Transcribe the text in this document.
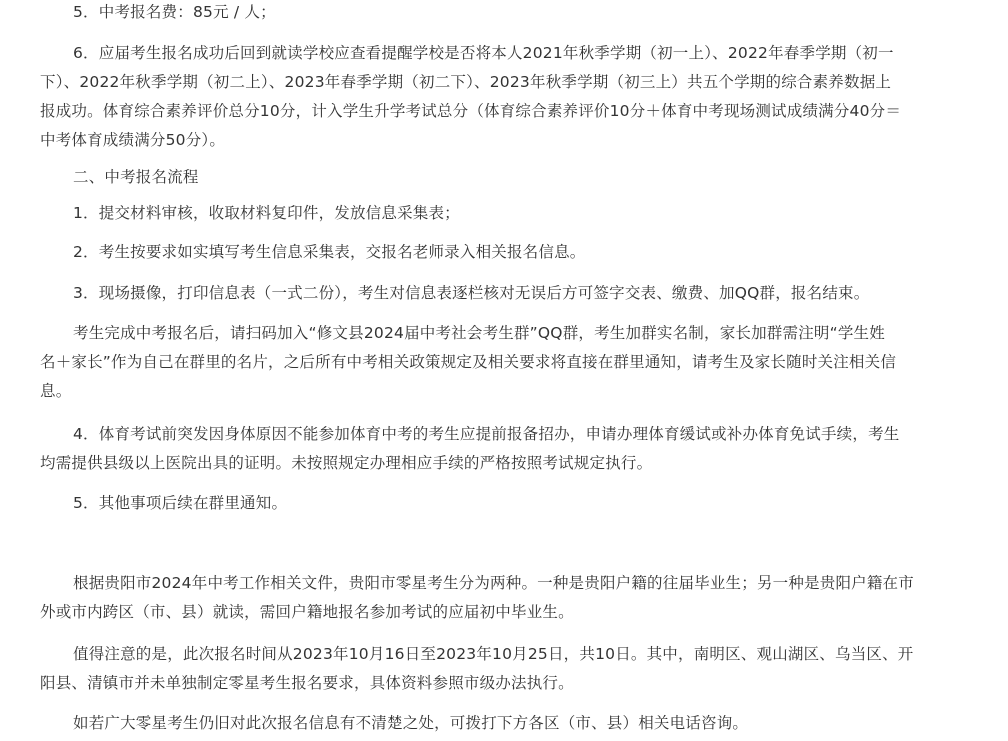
5．中考报名费：85元 / 人；
6．应届考生报名成功后回到就读学校应查看提醒学校是否将本人2021年秋季学期（初一上）、2022年春季学期（初一
下）、2022年秋季学期（初二上）、2023年春季学期（初二下）、2023年秋季学期（初三上）共五个学期的综合素养数据上
报成功。体育综合素养评价总分10分，计入学生升学考试总分（体育综合素养评价10分＋体育中考现场测试成绩满分40分＝
中考体育成绩满分50分）。
二、中考报名流程
1．提交材料审核，收取材料复印件，发放信息采集表；
2．考生按要求如实填写考生信息采集表，交报名老师录入相关报名信息。
3．现场摄像，打印信息表（一式二份），考生对信息表逐栏核对无误后方可签字交表、缴费、加QQ群，报名结束。
考生完成中考报名后，请扫码加入“修文县2024届中考社会考生群”QQ群，考生加群实名制，家长加群需注明“学生姓
名＋家长”作为自己在群里的名片，之后所有中考相关政策规定及相关要求将直接在群里通知，请考生及家长随时关注相关信
息。
4．体育考试前突发因身体原因不能参加体育中考的考生应提前报备招办，申请办理体育缓试或补办体育免试手续，考生
均需提供县级以上医院出具的证明。未按照规定办理相应手续的严格按照考试规定执行。
5．其他事项后续在群里通知。
根据贵阳市2024年中考工作相关文件，贵阳市零星考生分为两种。一种是贵阳户籍的往届毕业生；另一种是贵阳户籍在市
外或市内跨区（市、县）就读，需回户籍地报名参加考试的应届初中毕业生。
值得注意的是，此次报名时间从2023年10月16日至2023年10月25日，共10日。其中，南明区、观山湖区、乌当区、开
阳县、清镇市并未单独制定零星考生报名要求，具体资料参照市级办法执行。
如若广大零星考生仍旧对此次报名信息有不清楚之处，可拨打下方各区（市、县）相关电话咨询。
